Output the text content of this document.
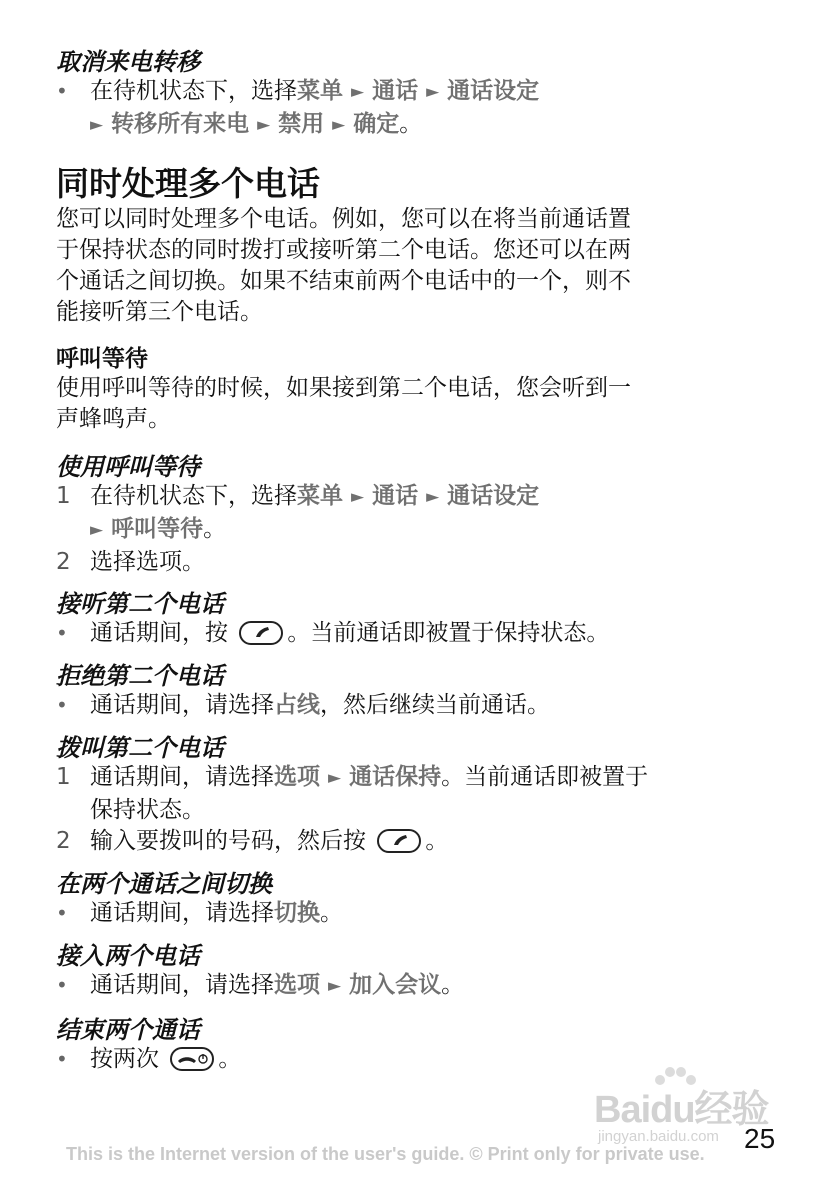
取消来电转移

• 在待机状态下，选择菜单 ► 通话 ► 通话设定
► 转移所有来电 ► 禁用 ► 确定。

同时处理多个电话

您可以同时处理多个电话。例如，您可以在将当前通话置

于保持状态的同时拨打或接听第二个电话。您还可以在两

个通话之间切换。如果不结束前两个电话中的一个，则不

能接听第三个电话。

呼叫等待

使用呼叫等待的时候，如果接到第二个电话，您会听到一

声蜂鸣声。

使用呼叫等待

1 在待机状态下，选择菜单 ► 通话 ► 通话设定
► 呼叫等待。
2 选择选项。

接听第二个电话

• 通话期间，按	。当前通话即被置于保持状态。

拒绝第二个电话

• 通话期间，请选择占线，然后继续当前通话。

拨叫第二个电话

1 通话期间，请选择选项 ► 通话保持。当前通话即被置于
保持状态。
2 输入要拨叫的号码，然后按	。

在两个通话之间切换

• 通话期间，请选择切换。

接入两个电话

• 通话期间，请选择选项 ► 加入会议。

结束两个通话

• 按两次	。
Baidu经验
jingyan.baidu.com 25
This is the Internet version of the user's guide. © Print only for private use.
